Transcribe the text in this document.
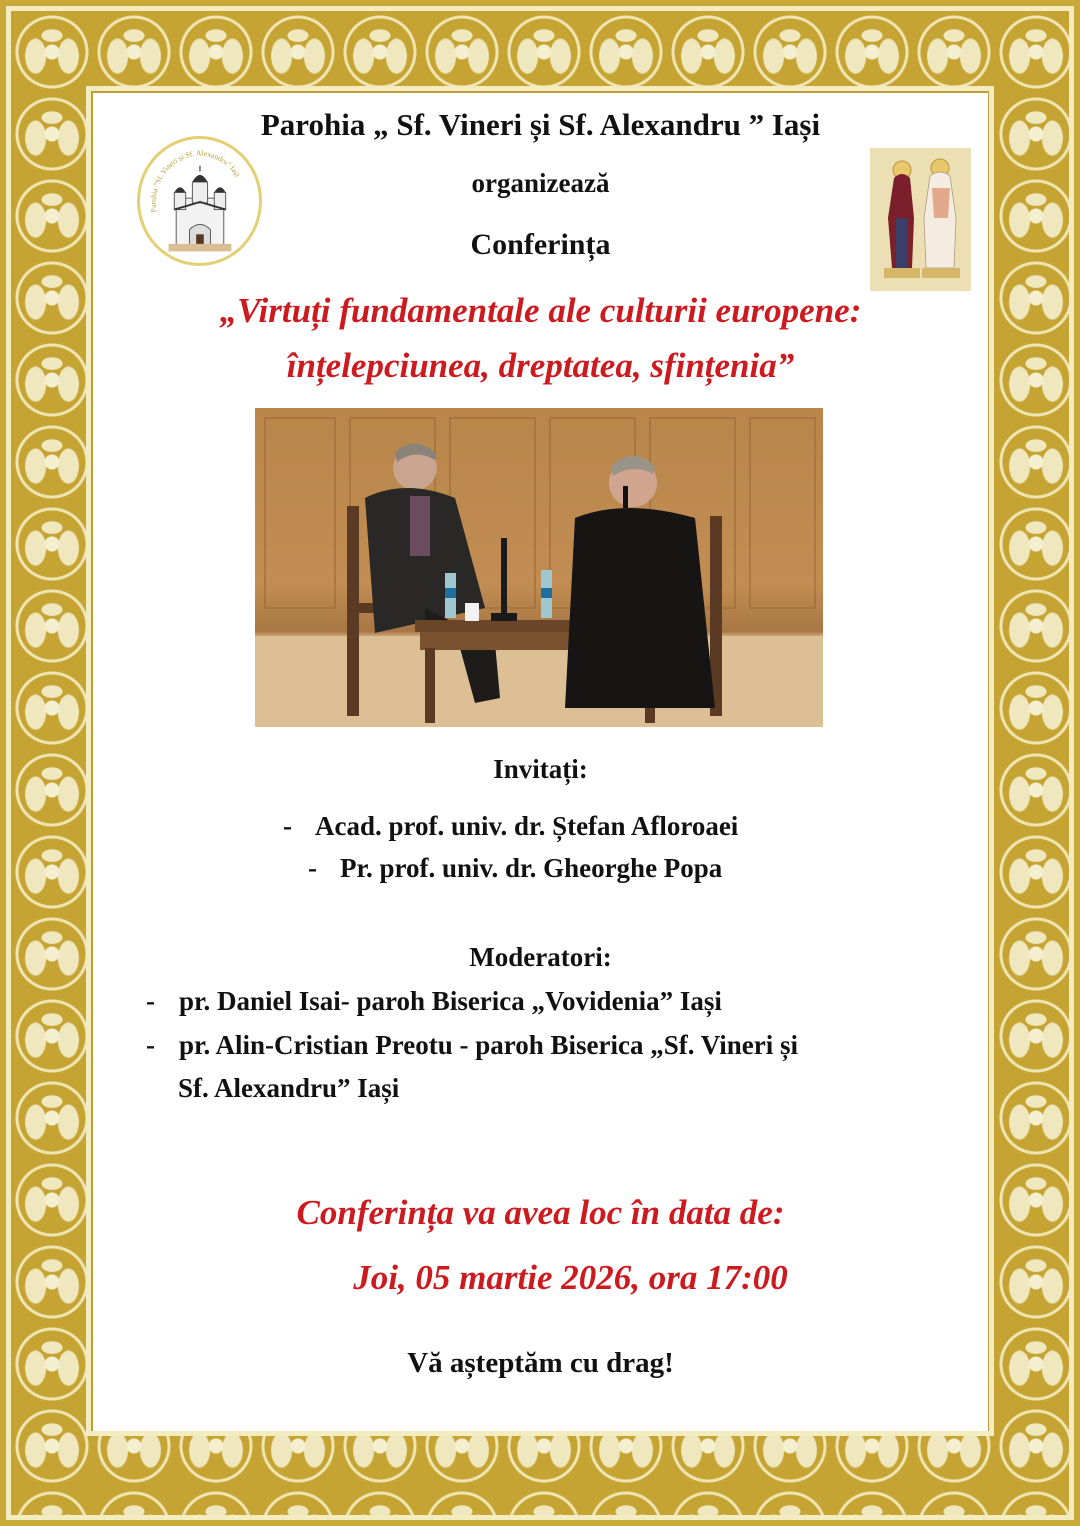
Parohia „ Sf. Vineri și Sf. Alexandru ” Iași
organizează
Conferința
Parohia "Sf. Vineri și Sf. Alexandru" Iași
„Virtuți fundamentale ale culturii europene:
înțelepciunea, dreptatea, sfințenia”
Invitați:
- Acad. prof. univ. dr. Ștefan Afloroaei
- Pr. prof. univ. dr. Gheorghe Popa
Moderatori:
- pr. Daniel Isai- paroh Biserica „Vovidenia” Iași
- pr. Alin-Cristian Preotu - paroh Biserica „Sf. Vineri și
Sf. Alexandru” Iași
Conferința va avea loc în data de:
Joi, 05 martie 2026, ora 17:00
Vă așteptăm cu drag!
